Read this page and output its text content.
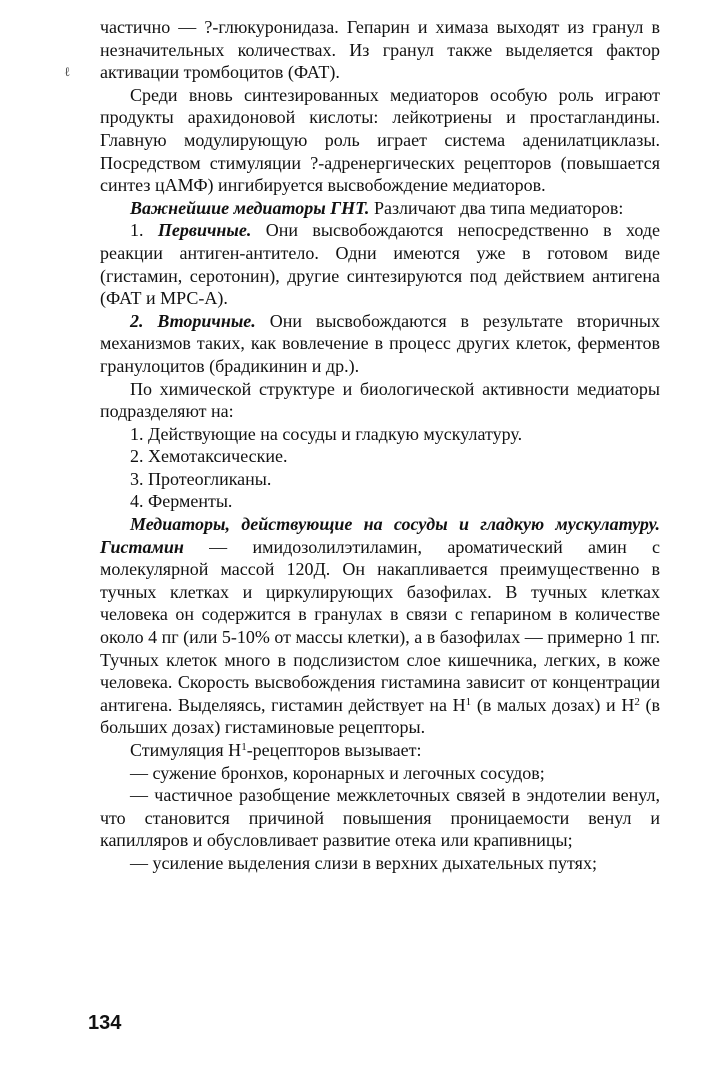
ℓ

частично — ?-глюкуронидаза. Гепарин и химаза выходят из гранул в незначительных количествах. Из гранул также выделяется фактор активации тромбоцитов (ФАТ).

Среди вновь синтезированных медиаторов особую роль играют продукты арахидоновой кислоты: лейкотриены и простагландины. Главную модулирующую роль играет система аденилатциклазы. Посредством стимуляции ?-адренергических рецепторов (повышается синтез цАМФ) ингибируется высвобождение медиаторов.

Важнейшие медиаторы ГНТ. Различают два типа медиаторов:

1. Первичные. Они высвобождаются непосредственно в ходе реакции антиген-антитело. Одни имеются уже в готовом виде (гистамин, серотонин), другие синтезируются под действием антигена (ФАТ и МРС-А).

2. Вторичные. Они высвобождаются в результате вторичных механизмов таких, как вовлечение в процесс других клеток, ферментов гранулоцитов (брадикинин и др.).

По химической структуре и биологической активности медиаторы подразделяют на:

1. Действующие на сосуды и гладкую мускулатуру.

2. Хемотаксические.

3. Протеогликаны.

4. Ферменты.

Медиаторы, действующие на сосуды и гладкую мускулатуру. Гистамин — имидозолилэтиламин, ароматический амин с молекулярной массой 120Д. Он накапливается преимущественно в тучных клетках и циркулирующих базофилах. В тучных клетках человека он содержится в гранулах в связи с гепарином в количестве около 4 пг (или 5-10% от массы клетки), а в базофилах — примерно 1 пг. Тучных клеток много в подслизистом слое кишечника, легких, в коже человека. Скорость высвобождения гистамина зависит от концентрации антигена. Выделяясь, гистамин действует на $Н^1$ (в малых дозах) и $Н^2$ (в больших дозах) гистаминовые рецепторы.

Стимуляция $Н^1$-рецепторов вызывает:

— сужение бронхов, коронарных и легочных сосудов;

— частичное разобщение межклеточных связей в эндотелии венул, что становится причиной повышения проницаемости венул и капилляров и обусловливает развитие отека или крапивницы;

— усиление выделения слизи в верхних дыхательных путях;

134
